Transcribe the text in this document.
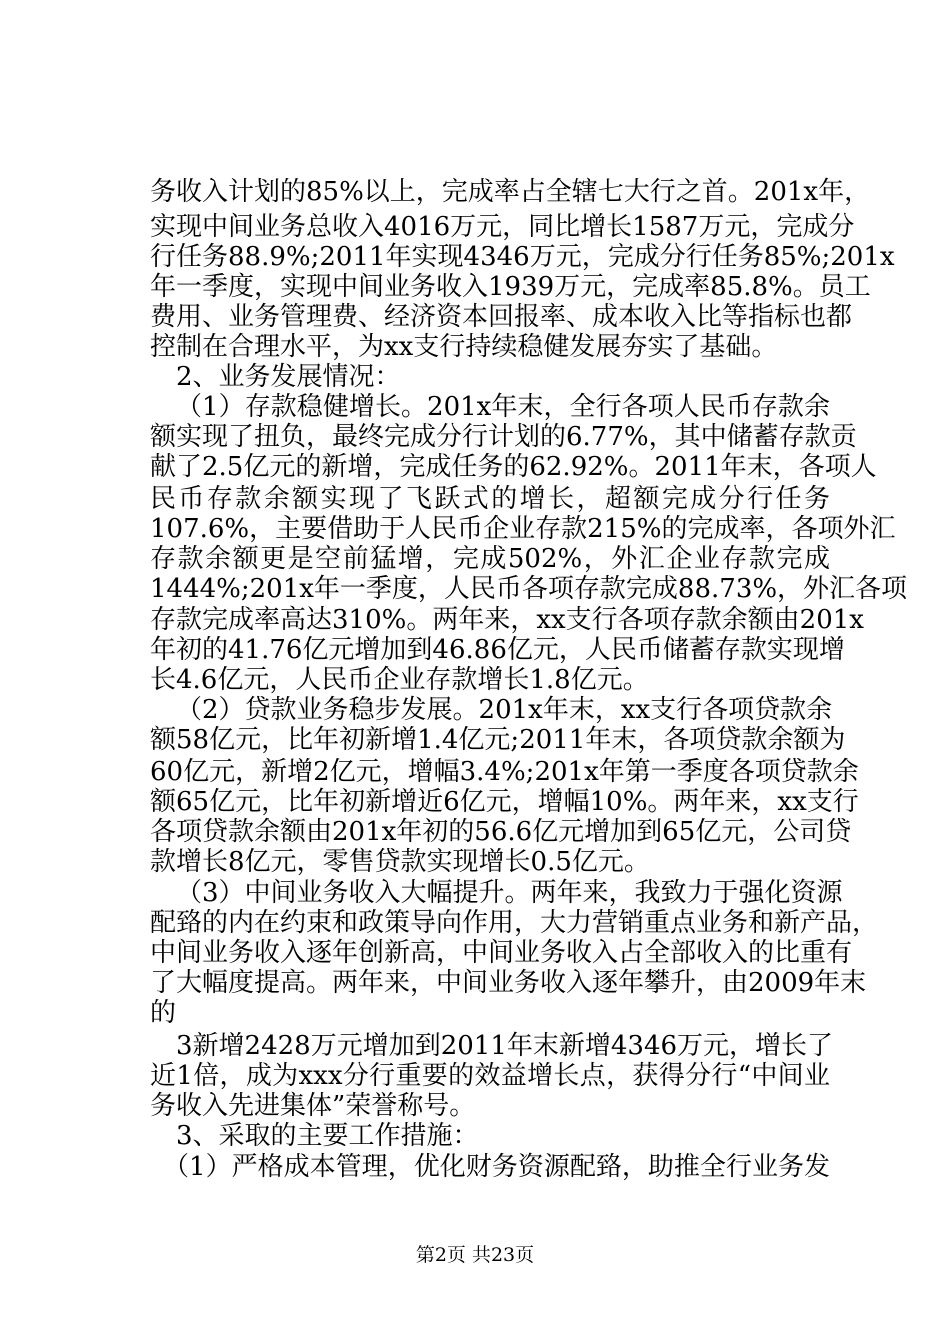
务收入计划的85%以上，完成率占全辖七大行之首。201x年，
实现中间业务总收入4016万元，同比增长1587万元，完成分
行任务88.9%;2011年实现4346万元，完成分行任务85%;201x
年一季度，实现中间业务收入1939万元，完成率85.8%。员工
费用、业务管理费、经济资本回报率、成本收入比等指标也都
控制在合理水平，为xx支行持续稳健发展夯实了基础。
2、业务发展情况：
（1）存款稳健增长。201x年末，全行各项人民币存款余
额实现了扭负，最终完成分行计划的6.77%，其中储蓄存款贡
献了2.5亿元的新增，完成任务的62.92%。2011年末，各项人
民币存款余额实现了飞跃式的增长，超额完成分行任务
107.6%，主要借助于人民币企业存款215%的完成率，各项外汇
存款余额更是空前猛增，完成502%，外汇企业存款完成
1444%;201x年一季度，人民币各项存款完成88.73%，外汇各项
存款完成率高达310%。两年来，xx支行各项存款余额由201x
年初的41.76亿元增加到46.86亿元，人民币储蓄存款实现增
长4.6亿元，人民币企业存款增长1.8亿元。
（2）贷款业务稳步发展。201x年末，xx支行各项贷款余
额58亿元，比年初新增1.4亿元;2011年末，各项贷款余额为
60亿元，新增2亿元，增幅3.4%;201x年第一季度各项贷款余
额65亿元，比年初新增近6亿元，增幅10%。两年来，xx支行
各项贷款余额由201x年初的56.6亿元增加到65亿元，公司贷
款增长8亿元，零售贷款实现增长0.5亿元。
（3）中间业务收入大幅提升。两年来，我致力于强化资源
配臵的内在约束和政策导向作用，大力营销重点业务和新产品，
中间业务收入逐年创新高，中间业务收入占全部收入的比重有
了大幅度提高。两年来，中间业务收入逐年攀升，由2009年末
的
3新增2428万元增加到2011年末新增4346万元，增长了
近1倍，成为xxx分行重要的效益增长点，获得分行“中间业
务收入先进集体”荣誉称号。
3、采取的主要工作措施：
（1）严格成本管理，优化财务资源配臵，助推全行业务发
第2页 共23页
